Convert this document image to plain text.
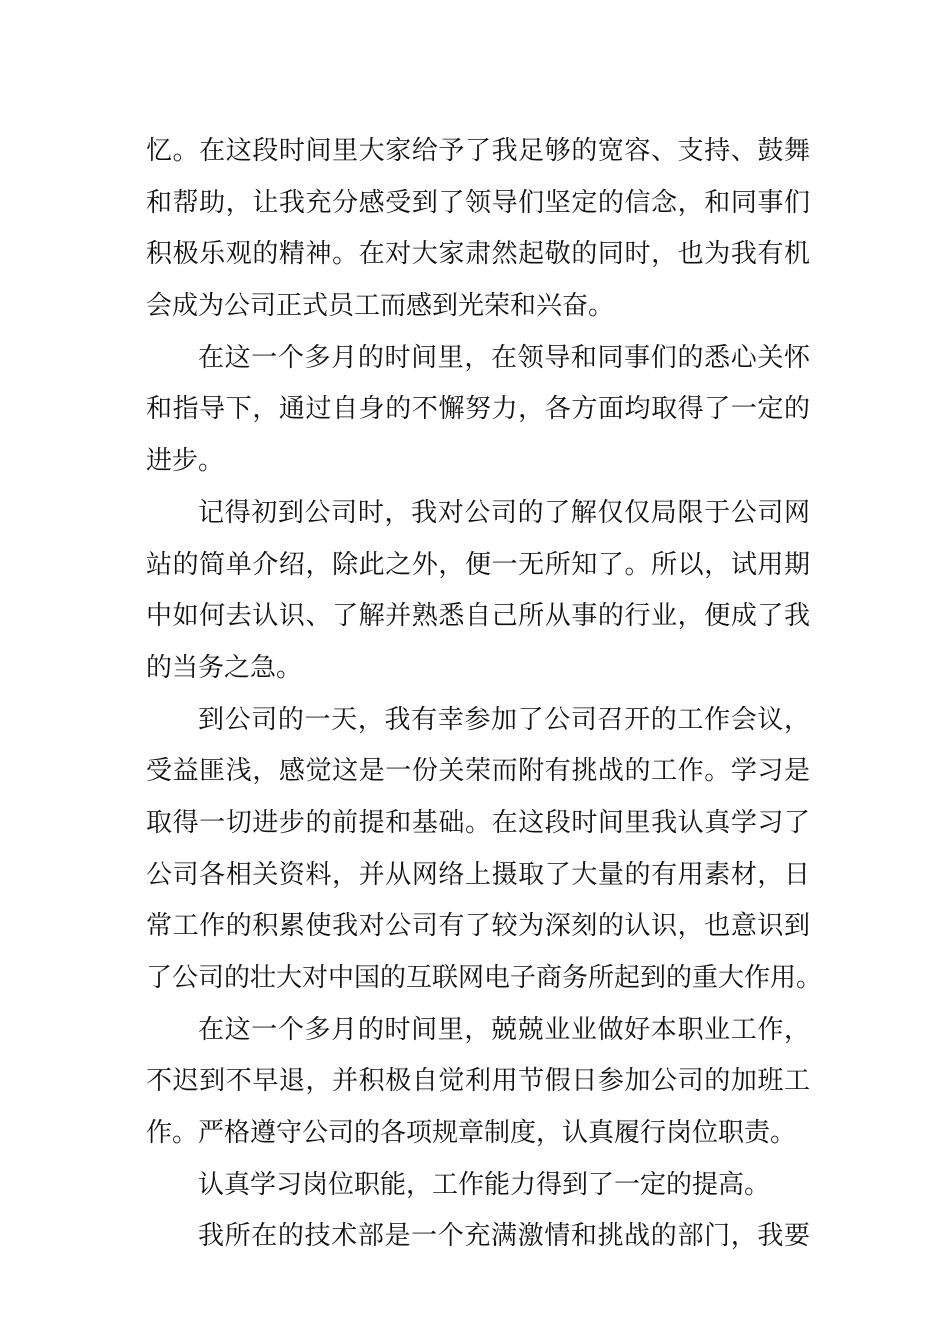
忆。在这段时间里大家给予了我足够的宽容、支持、鼓舞
和帮助，让我充分感受到了领导们坚定的信念，和同事们
积极乐观的精神。在对大家肃然起敬的同时，也为我有机
会成为公司正式员工而感到光荣和兴奋。
在这一个多月的时间里，在领导和同事们的悉心关怀
和指导下，通过自身的不懈努力，各方面均取得了一定的
进步。
记得初到公司时，我对公司的了解仅仅局限于公司网
站的简单介绍，除此之外，便一无所知了。所以，试用期
中如何去认识、了解并熟悉自己所从事的行业，便成了我
的当务之急。
到公司的一天，我有幸参加了公司召开的工作会议，
受益匪浅，感觉这是一份关荣而附有挑战的工作。学习是
取得一切进步的前提和基础。在这段时间里我认真学习了
公司各相关资料，并从网络上摄取了大量的有用素材，日
常工作的积累使我对公司有了较为深刻的认识，也意识到
了公司的壮大对中国的互联网电子商务所起到的重大作用。
在这一个多月的时间里，兢兢业业做好本职业工作，
不迟到不早退，并积极自觉利用节假日参加公司的加班工
作。严格遵守公司的各项规章制度，认真履行岗位职责。
认真学习岗位职能，工作能力得到了一定的提高。
我所在的技术部是一个充满激情和挑战的部门，我要
